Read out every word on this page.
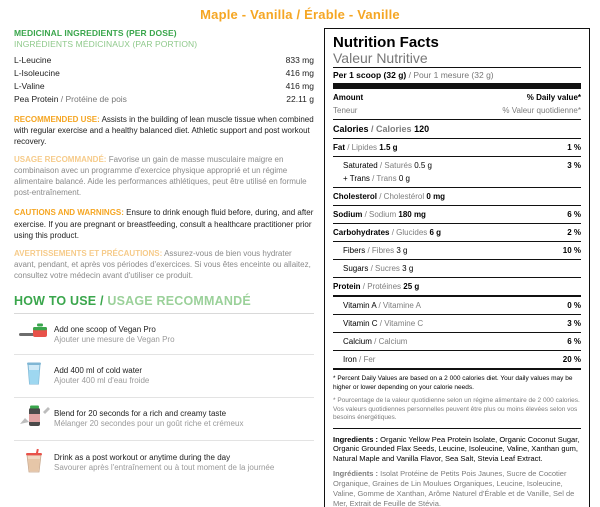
Maple - Vanilla / Érable - Vanille
MEDICINAL INGREDIENTS (PER DOSE)
INGRÉDIENTS MÉDICINAUX (PAR PORTION)
L-Leucine		833 mg
L-Isoleucine		416 mg
L-Valine		416 mg
Pea Protein / Protéine de pois		22.11 g
RECOMMENDED USE: Assists in the building of lean muscle tissue when combined with regular exercise and a healthy balanced diet. Athletic support and post workout recovery.
USAGE RECOMMANDÉ: Favorise un gain de masse musculaire maigre en combinaison avec un programme d'exercice physique approprié et un régime alimentaire balancé. Aide les performances athlétiques, peut être utilisé en formule post-entraînement.
CAUTIONS AND WARNINGS: Ensure to drink enough fluid before, during, and after exercise. If you are pregnant or breastfeeding, consult a healthcare practitioner prior using this product.
AVERTISSEMENTS ET PRÉCAUTIONS: Assurez-vous de bien vous hydrater avant, pendant, et après vos périodes d'exercices. Si vous êtes enceinte ou allaitez, consultez votre médecin avant d'utiliser ce produit.
HOW TO USE / USAGE RECOMMANDÉ
Add one scoop of Vegan Pro
Ajouter une mesure de Vegan Pro
Add 400 ml of cold water
Ajouter 400 ml d'eau froide
Blend for 20 seconds for a rich and creamy taste
Mélanger 20 secondes pour un goût riche et crémeux
Drink as a post workout or anytime during the day
Savourer après l'entraînement ou à tout moment de la journée
Nutrition Facts
Valeur Nutritive
Per 1 scoop (32 g) / Pour 1 mesure (32 g)
Amount	% Daily value*
Teneur	% Valeur quotidienne*
Calories / Calories 120
Fat / Lipides 1.5 g	1 %
Saturated / Saturés 0.5 g	3 %
+ Trans / Trans 0 g
Cholesterol / Cholestérol 0 mg
Sodium / Sodium 180 mg	6 %
Carbohydrates / Glucides 6 g	2 %
Fibers / Fibres 3 g	10 %
Sugars / Sucres 3 g
Protein / Protéines 25 g
Vitamin A / Vitamine A	0 %
Vitamin C / Vitamine C	3 %
Calcium / Calcium	6 %
Iron / Fer	20 %
* Percent Daily Values are based on a 2 000 calories diet. Your daily values may be higher or lower depending on your calorie needs.
* Pourcentage de la valeur quotidienne selon un régime alimentaire de 2 000 calories. Vos valeurs quotidiennes personnelles peuvent être plus ou moins élevées selon vos besoins énergétiques.
Ingredients : Organic Yellow Pea Protein Isolate, Organic Coconut Sugar, Organic Grounded Flax Seeds, Leucine, Isoleucine, Valine, Xanthan gum, Natural Maple and Vanilla Flavor, Sea Salt, Stevia Leaf Extract.
Ingrédients : Isolat Protéine de Petits Pois Jaunes, Sucre de Cocotier Organique, Graines de Lin Moulues Organiques, Leucine, Isoleucine, Valine, Gomme de Xanthan, Arôme Naturel d'Érable et de Vanille, Sel de Mer, Extrait de Feuille de Stévia.
